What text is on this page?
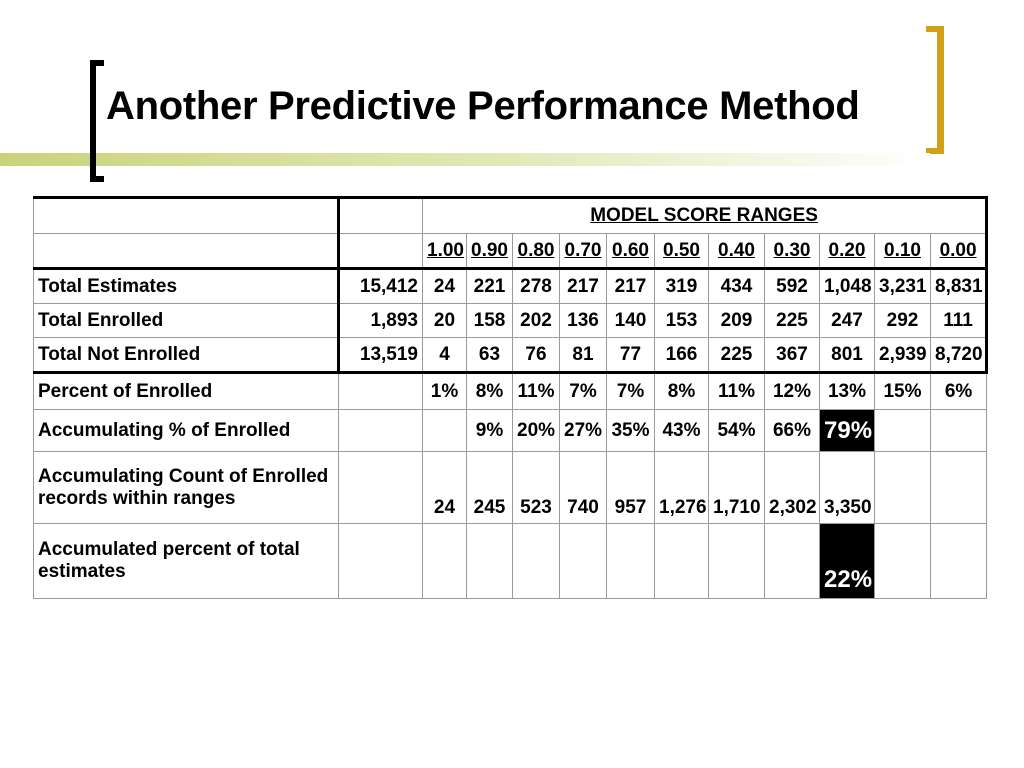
Another Predictive Performance Method
		MODEL SCORE RANGES										
		1.00	0.90	0.80	0.70	0.60	0.50	0.40	0.30	0.20	0.10	0.00
Total Estimates	15,412	24	221	278	217	217	319	434	592	1,048	3,231	8,831
Total Enrolled	1,893	20	158	202	136	140	153	209	225	247	292	111
Total Not Enrolled	13,519	4	63	76	81	77	166	225	367	801	2,939	8,720
Percent of Enrolled		1%	8%	11%	7%	7%	8%	11%	12%	13%	15%	6%
Accumulating % of Enrolled			9%	20%	27%	35%	43%	54%	66%	79%		
Accumulating Count of Enrolled records within ranges		24	245	523	740	957	1,276	1,710	2,302	3,350		
Accumulated percent of total estimates										22%		
